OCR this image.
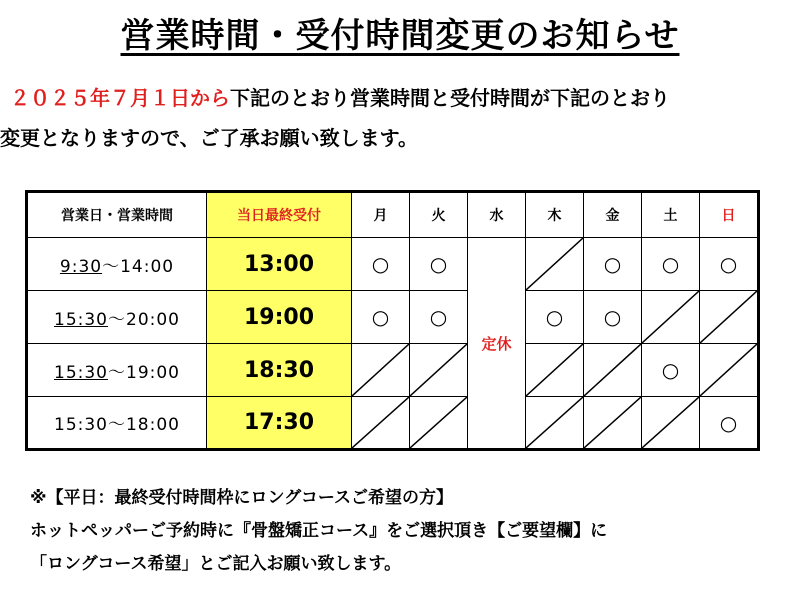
営業時間・受付時間変更のお知らせ
２０２５年７月１日から下記のとおり営業時間と受付時間が下記のとおり
変更となりますので、ご了承お願い致します。
営業日・営業時間	当日最終受付	月	火	水	木	金	土	日
9:30～14:00	13:00	○	○	定休		○	○	○
15:30～20:00	19:00	○	○		○	○	

15:30～19:00	18:30						○	

15:30～18:00	17:30							○
※【平日：最終受付時間枠にロングコースご希望の方】
ホットペッパーご予約時に『骨盤矯正コース』をご選択頂き【ご要望欄】に
「ロングコース希望」とご記入お願い致します。
